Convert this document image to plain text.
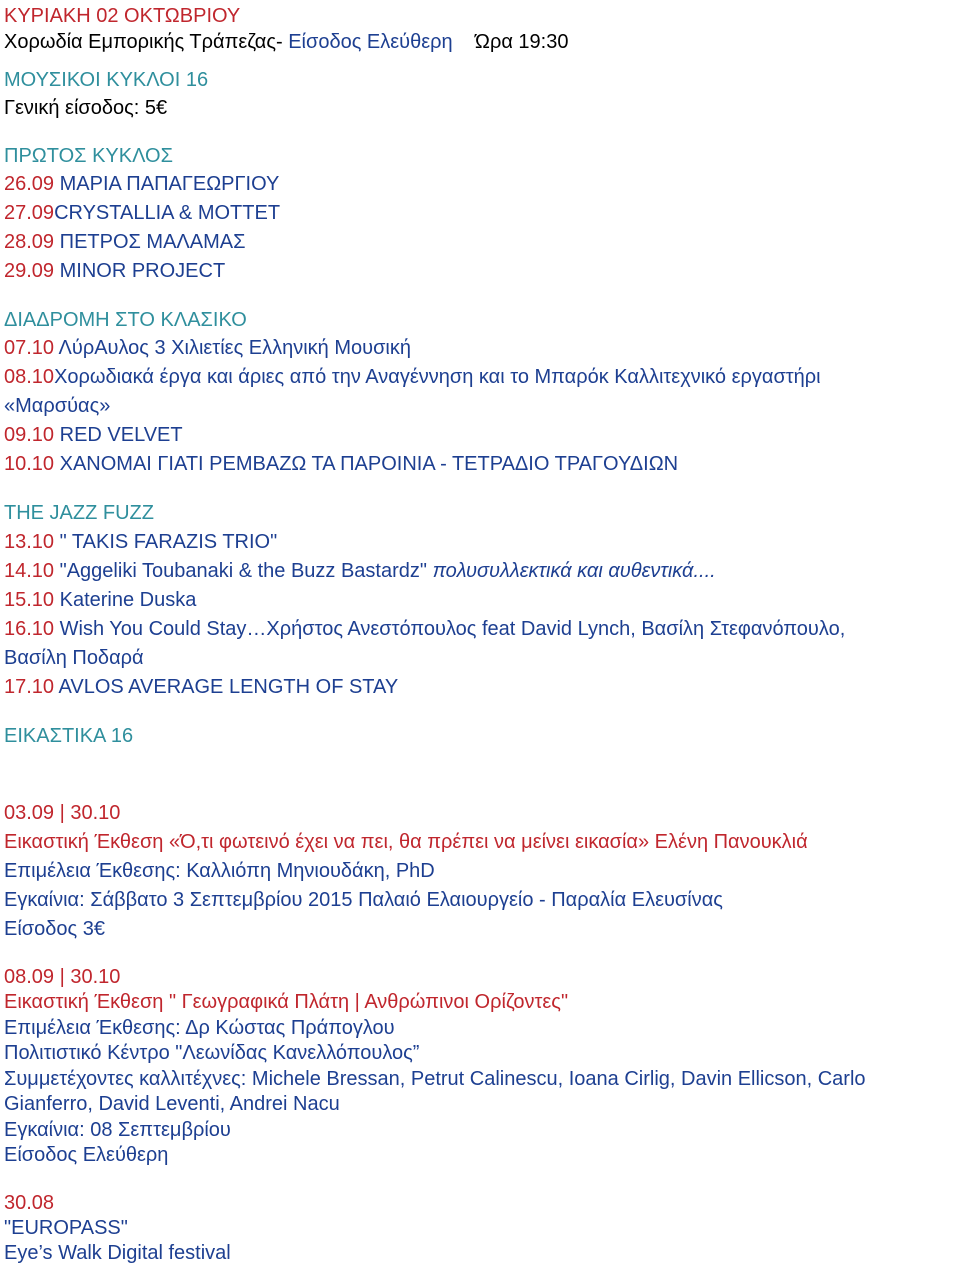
ΚΥΡΙΑΚΗ 02 ΟΚΤΩΒΡΙΟΥ
Χορωδία Εμπορικής Τράπεζας- Είσοδος Ελεύθερη Ώρα 19:30
ΜΟΥΣΙΚΟΙ ΚΥΚΛΟΙ 16
Γενική είσοδος: 5€
ΠΡΩΤΟΣ ΚΥΚΛΟΣ
26.09 ΜΑΡΙΑ ΠΑΠΑΓΕΩΡΓΙΟΥ
27.09CRYSTALLIA & MOTTET
28.09 ΠΕΤΡΟΣ ΜΑΛΑΜΑΣ
29.09 MINOR PROJECT
ΔΙΑΔΡΟΜΗ ΣΤΟ ΚΛΑΣΙΚΟ
07.10 ΛύρΑυλος 3 Χιλιετίες Ελληνική Μουσική
08.10Χορωδιακά έργα και άριες από την Αναγέννηση και το Μπαρόκ Καλλιτεχνικό εργαστήρι
«Μαρσύας»
09.10 RED VELVET
10.10 ΧΑΝΟΜΑΙ ΓΙΑΤΙ ΡΕΜΒΑΖΩ ΤΑ ΠΑΡΟΙΝΙΑ - ΤΕΤΡΑΔΙΟ ΤΡΑΓΟΥΔΙΩΝ
THE JAZZ FUZZ
13.10 " TAKIS FARAZIS TRIO"
14.10 "Aggeliki Toubanaki & the Buzz Bastardz" πολυσυλλεκτικά και αυθεντικά....
15.10 Katerine Duska
16.10 Wish You Could Stay…Χρήστος Ανεστόπουλος feat David Lynch, Βασίλη Στεφανόπουλο,
Βασίλη Ποδαρά
17.10 AVLOS AVERAGE LENGTH OF STAY
ΕΙΚΑΣΤΙΚΑ 16
03.09 | 30.10
Εικαστική Έκθεση «Ό,τι φωτεινό έχει να πει, θα πρέπει να μείνει εικασία» Ελένη Πανουκλιά
Επιμέλεια Έκθεσης: Καλλιόπη Μηνιουδάκη, PhD
Εγκαίνια: Σάββατο 3 Σεπτεμβρίου 2015 Παλαιό Ελαιουργείο - Παραλία Ελευσίνας
Είσοδος 3€
08.09 | 30.10
Εικαστική Έκθεση " Γεωγραφικά Πλάτη | Ανθρώπινοι Ορίζοντες"
Επιμέλεια Έκθεσης: Δρ Κώστας Πράπογλου
Πολιτιστικό Κέντρο "Λεωνίδας Κανελλόπουλος”
Συμμετέχοντες καλλιτέχνες: Michele Bressan, Petrut Calinescu, Ioana Cirlig, Davin Ellicson, Carlo
Gianferro, David Leventi, Andrei Nacu
Εγκαίνια: 08 Σεπτεμβρίου
Είσοδος Ελεύθερη
30.08
"EUROPASS"
Eye’s Walk Digital festival
